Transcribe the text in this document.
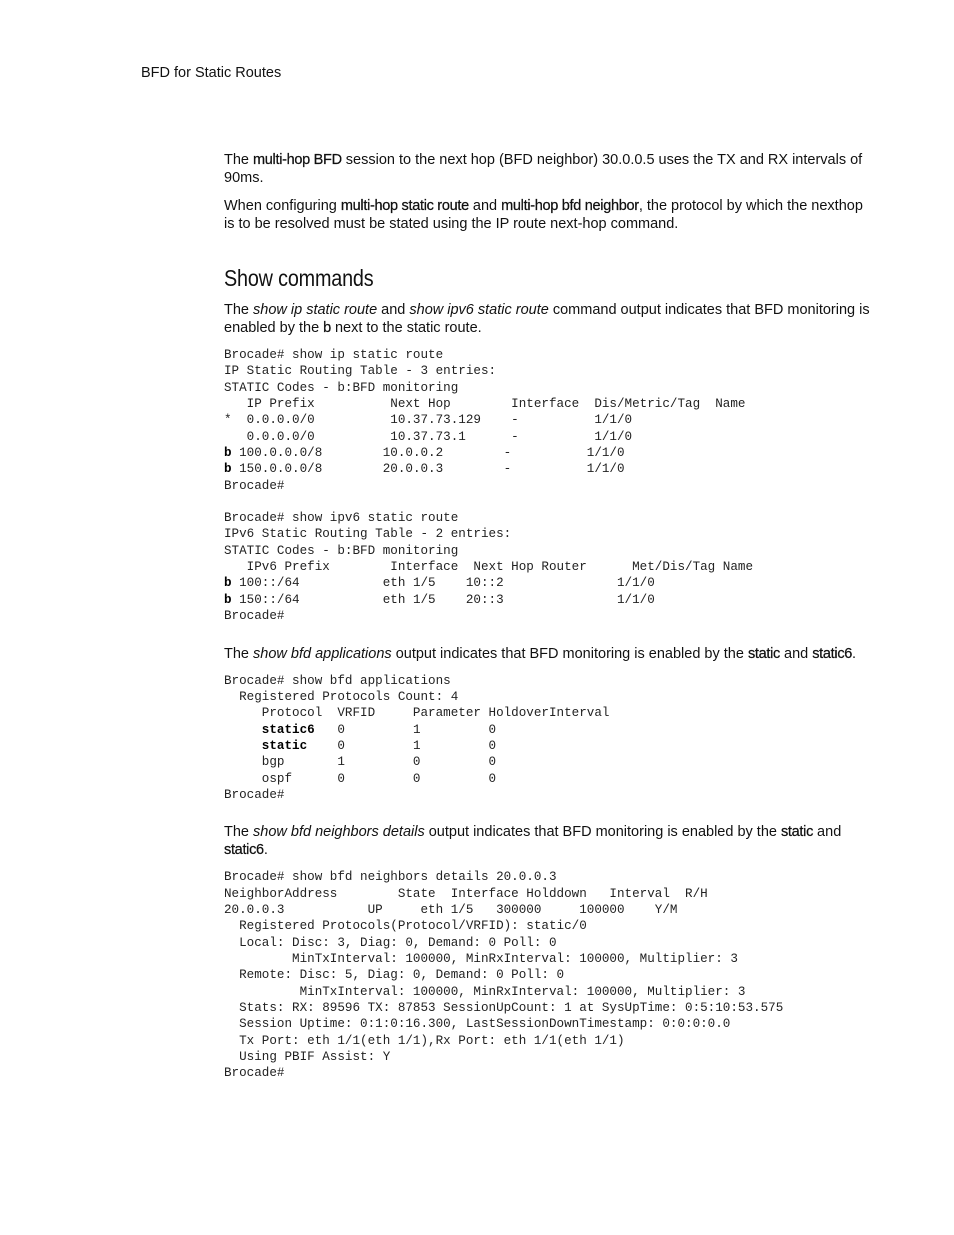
BFD for Static Routes

The multi-hop BFD session to the next hop (BFD neighbor) 30.0.0.5 uses the TX and RX intervals of 90ms.

When configuring multi-hop static route and multi-hop bfd neighbor, the protocol by which the nexthop is to be resolved must be stated using the IP route next-hop command.

Show commands

The show ip static route and show ipv6 static route command output indicates that BFD monitoring is enabled by the b next to the static route.

Brocade# show ip static route
IP Static Routing Table - 3 entries:
STATIC Codes - b:BFD monitoring
IP Prefix          Next Hop        Interface  Dis/Metric/Tag  Name
*  0.0.0.0/0          10.37.73.129    -          1/1/0
0.0.0.0/0          10.37.73.1      -          1/1/0
b 100.0.0.0/8        10.0.0.2        -          1/1/0
b 150.0.0.0/8        20.0.0.3        -          1/1/0
Brocade#
Brocade# show ipv6 static route
IPv6 Static Routing Table - 2 entries:
STATIC Codes - b:BFD monitoring
IPv6 Prefix        Interface  Next Hop Router      Met/Dis/Tag Name
b 100::/64           eth 1/5    10::2               1/1/0
b 150::/64           eth 1/5    20::3               1/1/0
Brocade#

The show bfd applications output indicates that BFD monitoring is enabled by the static and static6.

Brocade# show bfd applications
Registered Protocols Count: 4
Protocol  VRFID     Parameter HoldoverInterval
static6   0         1         0
static    0         1         0
bgp       1         0         0
ospf      0         0         0
Brocade#

The show bfd neighbors details output indicates that BFD monitoring is enabled by the static and static6.

Brocade# show bfd neighbors details 20.0.0.3
NeighborAddress        State  Interface Holddown   Interval  R/H
20.0.0.3           UP     eth 1/5   300000     100000    Y/M
Registered Protocols(Protocol/VRFID): static/0
Local: Disc: 3, Diag: 0, Demand: 0 Poll: 0
MinTxInterval: 100000, MinRxInterval: 100000, Multiplier: 3
Remote: Disc: 5, Diag: 0, Demand: 0 Poll: 0
MinTxInterval: 100000, MinRxInterval: 100000, Multiplier: 3
Stats: RX: 89596 TX: 87853 SessionUpCount: 1 at SysUpTime: 0:5:10:53.575
Session Uptime: 0:1:0:16.300, LastSessionDownTimestamp: 0:0:0:0.0
Tx Port: eth 1/1(eth 1/1),Rx Port: eth 1/1(eth 1/1)
Using PBIF Assist: Y
Brocade#
